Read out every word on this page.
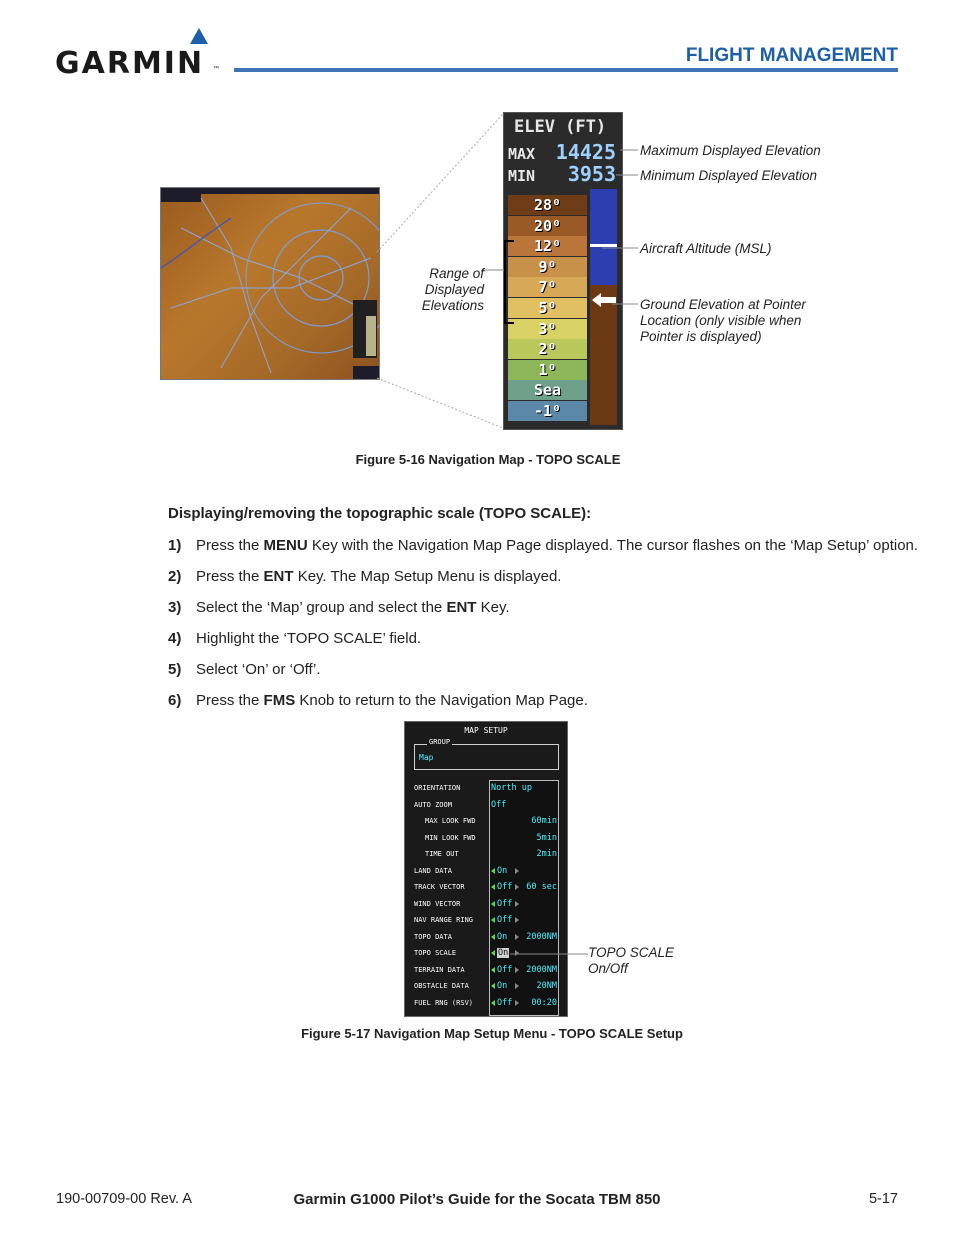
GARMIN ™
FLIGHT MANAGEMENT
ELEV (FT)
MAX 14425
MIN 3953
28⁰
20⁰
12⁰
9⁰
7⁰
5⁰
3⁰
2⁰
1⁰
Sea
-1⁰
Maximum Displayed Elevation
Minimum Displayed Elevation
Aircraft Altitude (MSL)
Ground Elevation at Pointer Location (only visible when Pointer is displayed)
Range of Displayed Elevations
Figure 5-16 Navigation Map - TOPO SCALE
Displaying/removing the topographic scale (TOPO SCALE):
1) Press the MENU Key with the Navigation Map Page displayed. The cursor flashes on the ‘Map Setup’ option.
2) Press the ENT Key. The Map Setup Menu is displayed.
3) Select the ‘Map’ group and select the ENT Key.
4) Highlight the ‘TOPO SCALE’ field.
5) Select ‘On’ or ‘Off’.
6) Press the FMS Knob to return to the Navigation Map Page.
MAP SETUP
Map
GROUP
ORIENTATION	North up
AUTO ZOOM	Off
MAX LOOK FWD	60min
MIN LOOK FWD	5min
TIME OUT	2min
LAND DATA	On
TRACK VECTOR	Off 60 sec
WIND VECTOR	Off
NAV RANGE RING	Off
TOPO DATA	On 2000NM
TOPO SCALE	On
TERRAIN DATA	Off 2000NM
OBSTACLE DATA	On	20NM
FUEL RNG (RSV)	Off 00:20
TOPO SCALE On/Off
Figure 5-17 Navigation Map Setup Menu - TOPO SCALE Setup
190-00709-00 Rev. A	Garmin G1000 Pilot’s Guide for the Socata TBM 850	5-17
